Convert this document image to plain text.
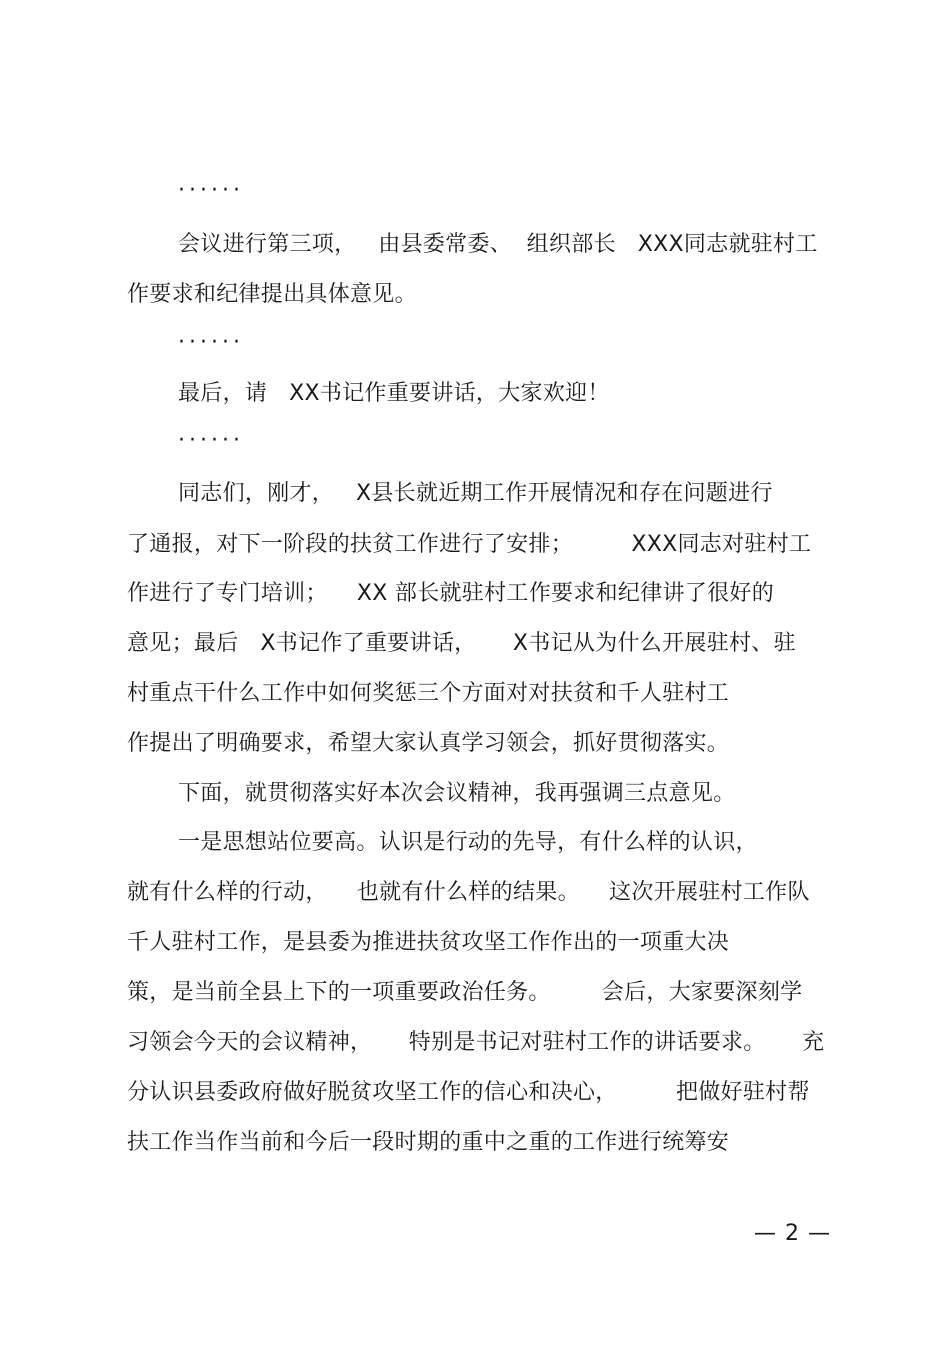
······
会议进行第三项，   由县委常委、  组织部长   XXX同志就驻村工
作要求和纪律提出具体意见。
······
最后，请   XX书记作重要讲话，大家欢迎！
······
同志们，刚才，   X县长就近期工作开展情况和存在问题进行
了通报，对下一阶段的扶贫工作进行了安排；        XXX同志对驻村工
作进行了专门培训；    XX 部长就驻村工作要求和纪律讲了很好的
意见；最后   X书记作了重要讲话，     X书记从为什么开展驻村、驻
村重点干什么工作中如何奖惩三个方面对对扶贫和千人驻村工
作提出了明确要求，希望大家认真学习领会，抓好贯彻落实。
下面，就贯彻落实好本次会议精神，我再强调三点意见。
一是思想站位要高。认识是行动的先导，有什么样的认识，
就有什么样的行动，    也就有什么样的结果。    这次开展驻村工作队
千人驻村工作，是县委为推进扶贫攻坚工作作出的一项重大决
策，是当前全县上下的一项重要政治任务。       会后，大家要深刻学
习领会今天的会议精神，     特别是书记对驻村工作的讲话要求。     充
分认识县委政府做好脱贫攻坚工作的信心和决心，        把做好驻村帮
扶工作当作当前和今后一段时期的重中之重的工作进行统筹安
— 2 —
